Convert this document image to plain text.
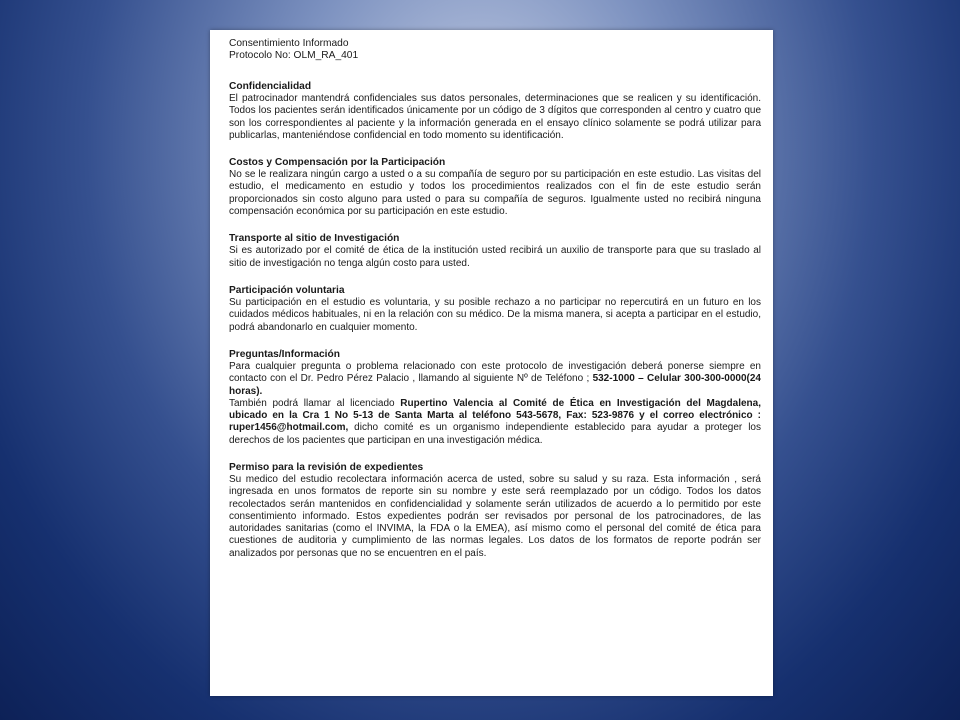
Consentimiento Informado
Protocolo No: OLM_RA_401
Confidencialidad

El patrocinador mantendrá confidenciales sus datos personales, determinaciones que se realicen y su identificación. Todos los pacientes serán identificados únicamente por un código de 3 dígitos que corresponden al centro y cuatro que son los correspondientes al paciente y la información generada en el ensayo clínico solamente se podrá utilizar para publicarlas, manteniéndose confidencial en todo momento su identificación.

Costos y Compensación por la Participación

No se le realizara ningún cargo a usted o a su compañía de seguro por su participación en este estudio. Las visitas del estudio, el medicamento en estudio y todos los procedimientos realizados con el fin de este estudio serán proporcionados sin costo alguno para usted o para su compañía de seguros. Igualmente usted no recibirá ninguna compensación económica por su participación en este estudio.

Transporte al sitio de Investigación

Si es autorizado por el comité de ética de la institución usted recibirá un auxilio de transporte para que su traslado al sitio de investigación no tenga algún costo para usted.

Participación voluntaria

Su participación en el estudio es voluntaria, y su posible rechazo a no participar no repercutirá en un futuro en los cuidados médicos habituales, ni en la relación con su médico. De la misma manera, si acepta a participar en el estudio, podrá abandonarlo en cualquier momento.

Preguntas/Información

Para cualquier pregunta o problema relacionado con este protocolo de investigación deberá ponerse siempre en contacto con el Dr. Pedro Pérez Palacio , llamando al siguiente Nº de Teléfono ; 532-1000 – Celular 300-300-0000(24 horas).
También podrá llamar al licenciado Rupertino Valencia al Comité de Ética en Investigación del Magdalena, ubicado en la Cra 1 No 5-13 de Santa Marta al teléfono 543-5678, Fax: 523-9876 y el correo electrónico : ruper1456@hotmail.com, dicho comité es un organismo independiente establecido para ayudar a proteger los derechos de los pacientes que participan en una investigación médica.

Permiso para la revisión de expedientes

Su medico del estudio recolectara información acerca de usted, sobre su salud y su raza. Esta información , será ingresada en unos formatos de reporte sin su nombre y este será reemplazado por un código. Todos los datos recolectados serán mantenidos en confidencialidad y solamente serán utilizados de acuerdo a lo permitido por este consentimiento informado. Estos expedientes podrán ser revisados por personal de los patrocinadores, de las autoridades sanitarias (como el INVIMA, la FDA o la EMEA), así mismo como el personal del comité de ética para cuestiones de auditoria y cumplimiento de las normas legales. Los datos de los formatos de reporte podrán ser analizados por personas que no se encuentren en el país.
